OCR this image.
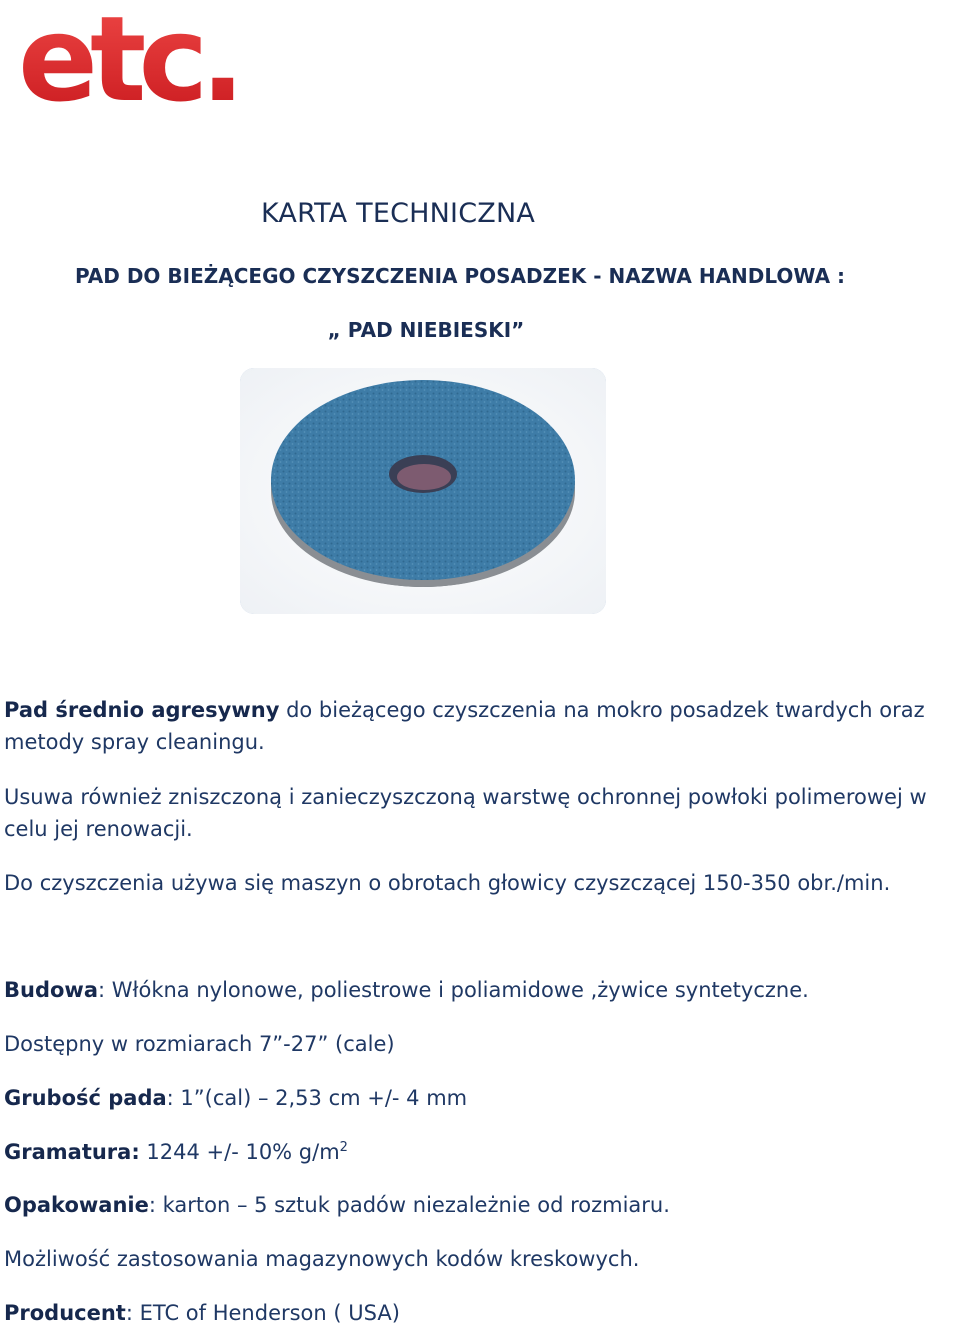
etc.
KARTA TECHNICZNA
PAD DO BIEŻĄCEGO CZYSZCZENIA POSADZEK - NAZWA HANDLOWA :
„ PAD NIEBIESKI”

Pad średnio agresywny do bieżącego czyszczenia na mokro posadzek twardych oraz metody spray cleaningu.

Usuwa również zniszczoną i zanieczyszczoną warstwę ochronnej powłoki polimerowej w celu jej renowacji.

Do czyszczenia używa się maszyn o obrotach głowicy czyszczącej 150-350 obr./min.

Budowa: Włókna nylonowe, poliestrowe i poliamidowe ,żywice syntetyczne.

Dostępny w rozmiarach 7”-27” (cale)

Grubość pada: 1”(cal) – 2,53 cm +/- 4 mm

Gramatura: 1244 +/- 10% $g/m^2$

Opakowanie: karton – 5 sztuk padów niezależnie od rozmiaru.

Możliwość zastosowania magazynowych kodów kreskowych.

Producent: ETC of Henderson ( USA)
